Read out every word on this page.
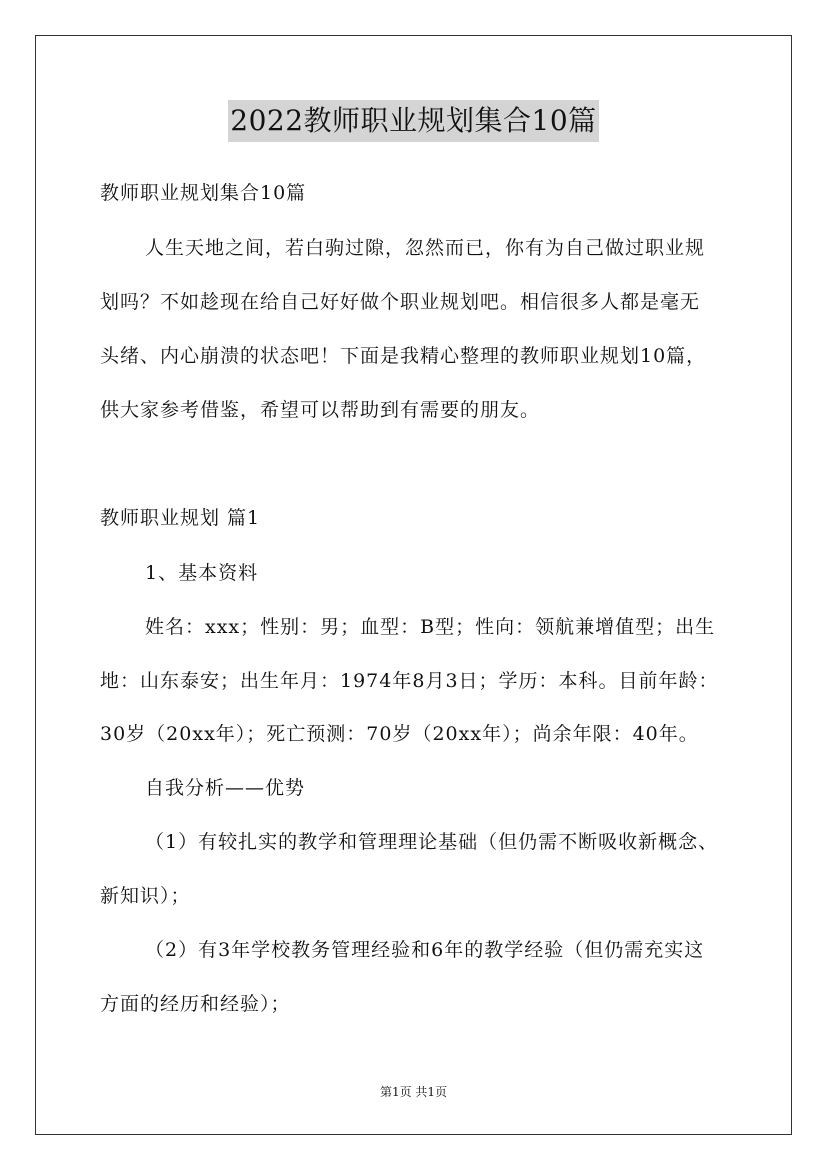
2022教师职业规划集合10篇
教师职业规划集合10篇
人生天地之间，若白驹过隙，忽然而已，你有为自己做过职业规
划吗？不如趁现在给自己好好做个职业规划吧。相信很多人都是毫无
头绪、内心崩溃的状态吧！下面是我精心整理的教师职业规划10篇，
供大家参考借鉴，希望可以帮助到有需要的朋友。
教师职业规划 篇1
1、基本资料
姓名：xxx；性别：男；血型：B型；性向：领航兼增值型；出生
地：山东泰安；出生年月：1974年8月3日；学历：本科。目前年龄：
30岁（20xx年）；死亡预测：70岁（20xx年）；尚余年限：40年。
自我分析——优势
（1）有较扎实的教学和管理理论基础（但仍需不断吸收新概念、
新知识）；
（2）有3年学校教务管理经验和6年的教学经验（但仍需充实这
方面的经历和经验）；
第1页 共1页
